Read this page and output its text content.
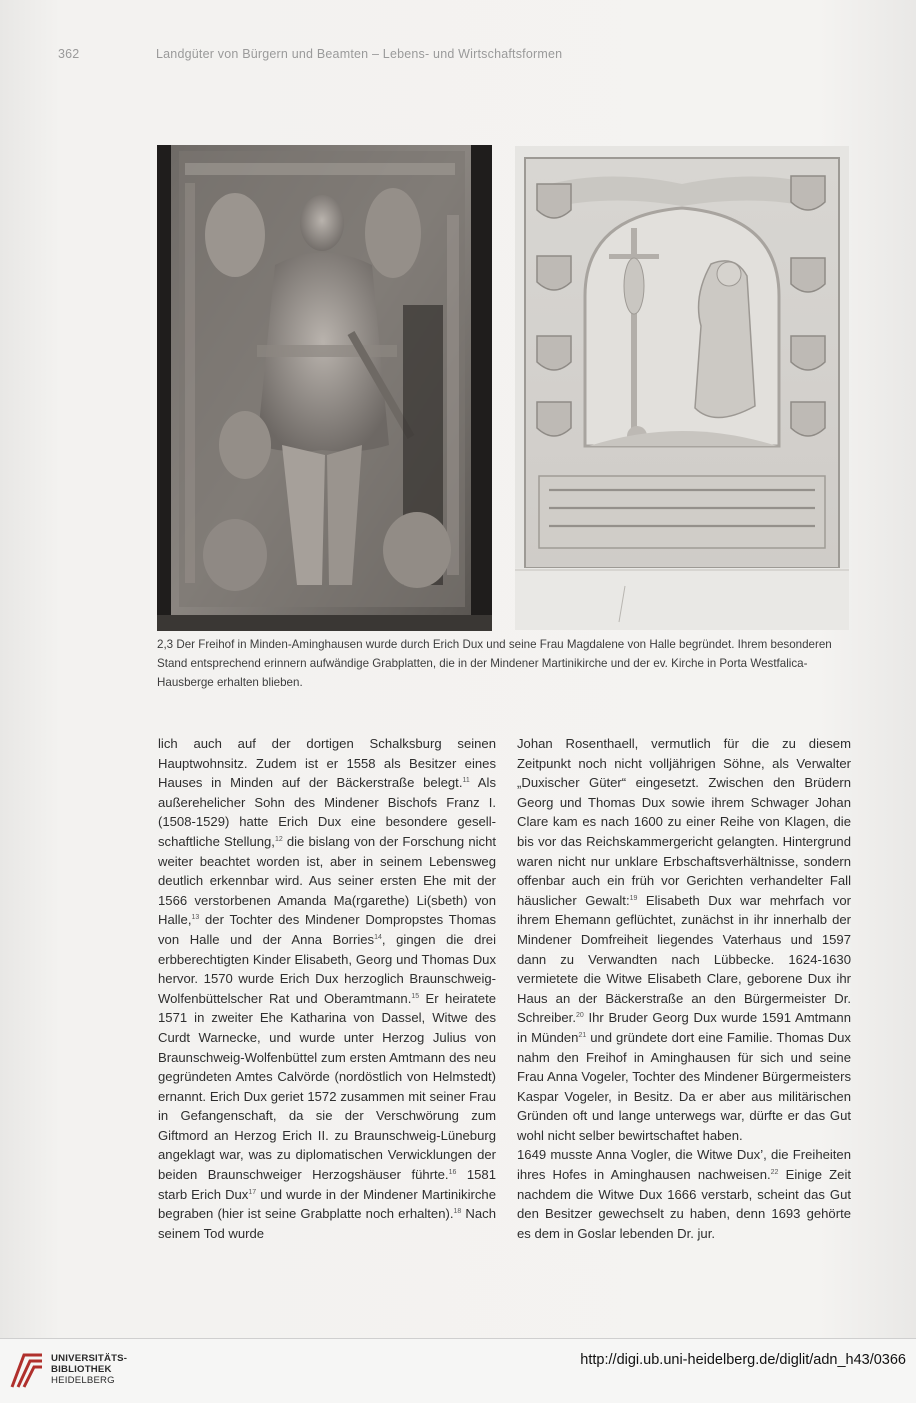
362	Landgüter von Bürgern und Beamten – Lebens- und Wirtschaftsformen
2,3 Der Freihof in Minden-Aminghausen wurde durch Erich Dux und seine Frau Magdalene von Halle begründet. Ihrem besonderen Stand entsprechend erinnern aufwändige Grabplatten, die in der Mindener Martinikirche und der ev. Kirche in Porta Westfalica-Hausberge erhalten blieben.

lich auch auf der dortigen Schalksburg seinen Hauptwohnsitz. Zudem ist er 1558 als Besitzer eines Hauses in Minden auf der Bäckerstraße belegt.$^{11}$ Als außerehelicher Sohn des Mindener Bischofs Franz I. (1508-1529) hatte Erich Dux eine besondere gesellschaftliche Stellung,$^{12}$ die bislang von der Forschung nicht weiter beachtet worden ist, aber in seinem Lebensweg deutlich erkennbar wird. Aus seiner ersten Ehe mit der 1566 verstorbenen Amanda Ma(rgarethe) Li(sbeth) von Halle,$^{13}$ der Tochter des Mindener Dompropstes Thomas von Halle und der Anna Borries$^{14}$, gingen die drei erbberechtigten Kinder Elisabeth, Georg und Thomas Dux hervor. 1570 wurde Erich Dux herzoglich Braunschweig-Wolfenbüttelscher Rat und Oberamtmann.$^{15}$ Er heiratete 1571 in zweiter Ehe Katharina von Dassel, Witwe des Curdt Warnecke, und wurde unter Herzog Julius von Braunschweig-Wolfenbüttel zum ersten Amtmann des neu gegründeten Amtes Calvörde (nordöstlich von Helmstedt) ernannt. Erich Dux geriet 1572 zusammen mit seiner Frau in Gefangenschaft, da sie der Verschwörung zum Giftmord an Herzog Erich II. zu Braunschweig-Lüneburg angeklagt war, was zu diplomatischen Verwicklungen der beiden Braunschweiger Herzogshäuser führte.$^{16}$ 1581 starb Erich Dux$^{17}$ und wurde in der Mindener Martinikirche begraben (hier ist seine Grabplatte noch erhalten).$^{18}$ Nach seinem Tod wurde

Johan Rosenthaell, vermutlich für die zu diesem Zeitpunkt noch nicht volljährigen Söhne, als Verwalter „Duxischer Güter“ eingesetzt. Zwischen den Brüdern Georg und Thomas Dux sowie ihrem Schwager Johan Clare kam es nach 1600 zu einer Reihe von Klagen, die bis vor das Reichskammergericht gelangten. Hintergrund waren nicht nur unklare Erbschaftsverhältnisse, sondern offenbar auch ein früh vor Gerichten verhandelter Fall häuslicher Gewalt:$^{19}$ Elisabeth Dux war mehrfach vor ihrem Ehemann geflüchtet, zunächst in ihr innerhalb der Mindener Domfreiheit liegendes Vaterhaus und 1597 dann zu Verwandten nach Lübbecke. 1624-1630 vermietete die Witwe Elisabeth Clare, geborene Dux ihr Haus an der Bäckerstraße an den Bürgermeister Dr. Schreiber.$^{20}$ Ihr Bruder Georg Dux wurde 1591 Amtmann in Münden$^{21}$ und gründete dort eine Familie. Thomas Dux nahm den Freihof in Aminghausen für sich und seine Frau Anna Vogeler, Tochter des Mindener Bürgermeisters Kaspar Vogeler, in Besitz. Da er aber aus militärischen Gründen oft und lange unterwegs war, dürfte er das Gut wohl nicht selber bewirtschaftet haben.

1649 musste Anna Vogler, die Witwe Dux’, die Freiheiten ihres Hofes in Aminghausen nachweisen.$^{22}$ Einige Zeit nachdem die Witwe Dux 1666 verstarb, scheint das Gut den Besitzer gewechselt zu haben, denn 1693 gehörte es dem in Goslar lebenden Dr. jur.

UNIVERSITÄTS-
BIBLIOTHEK
HEIDELBERG
http://digi.ub.uni-heidelberg.de/diglit/adn_h43/0366
